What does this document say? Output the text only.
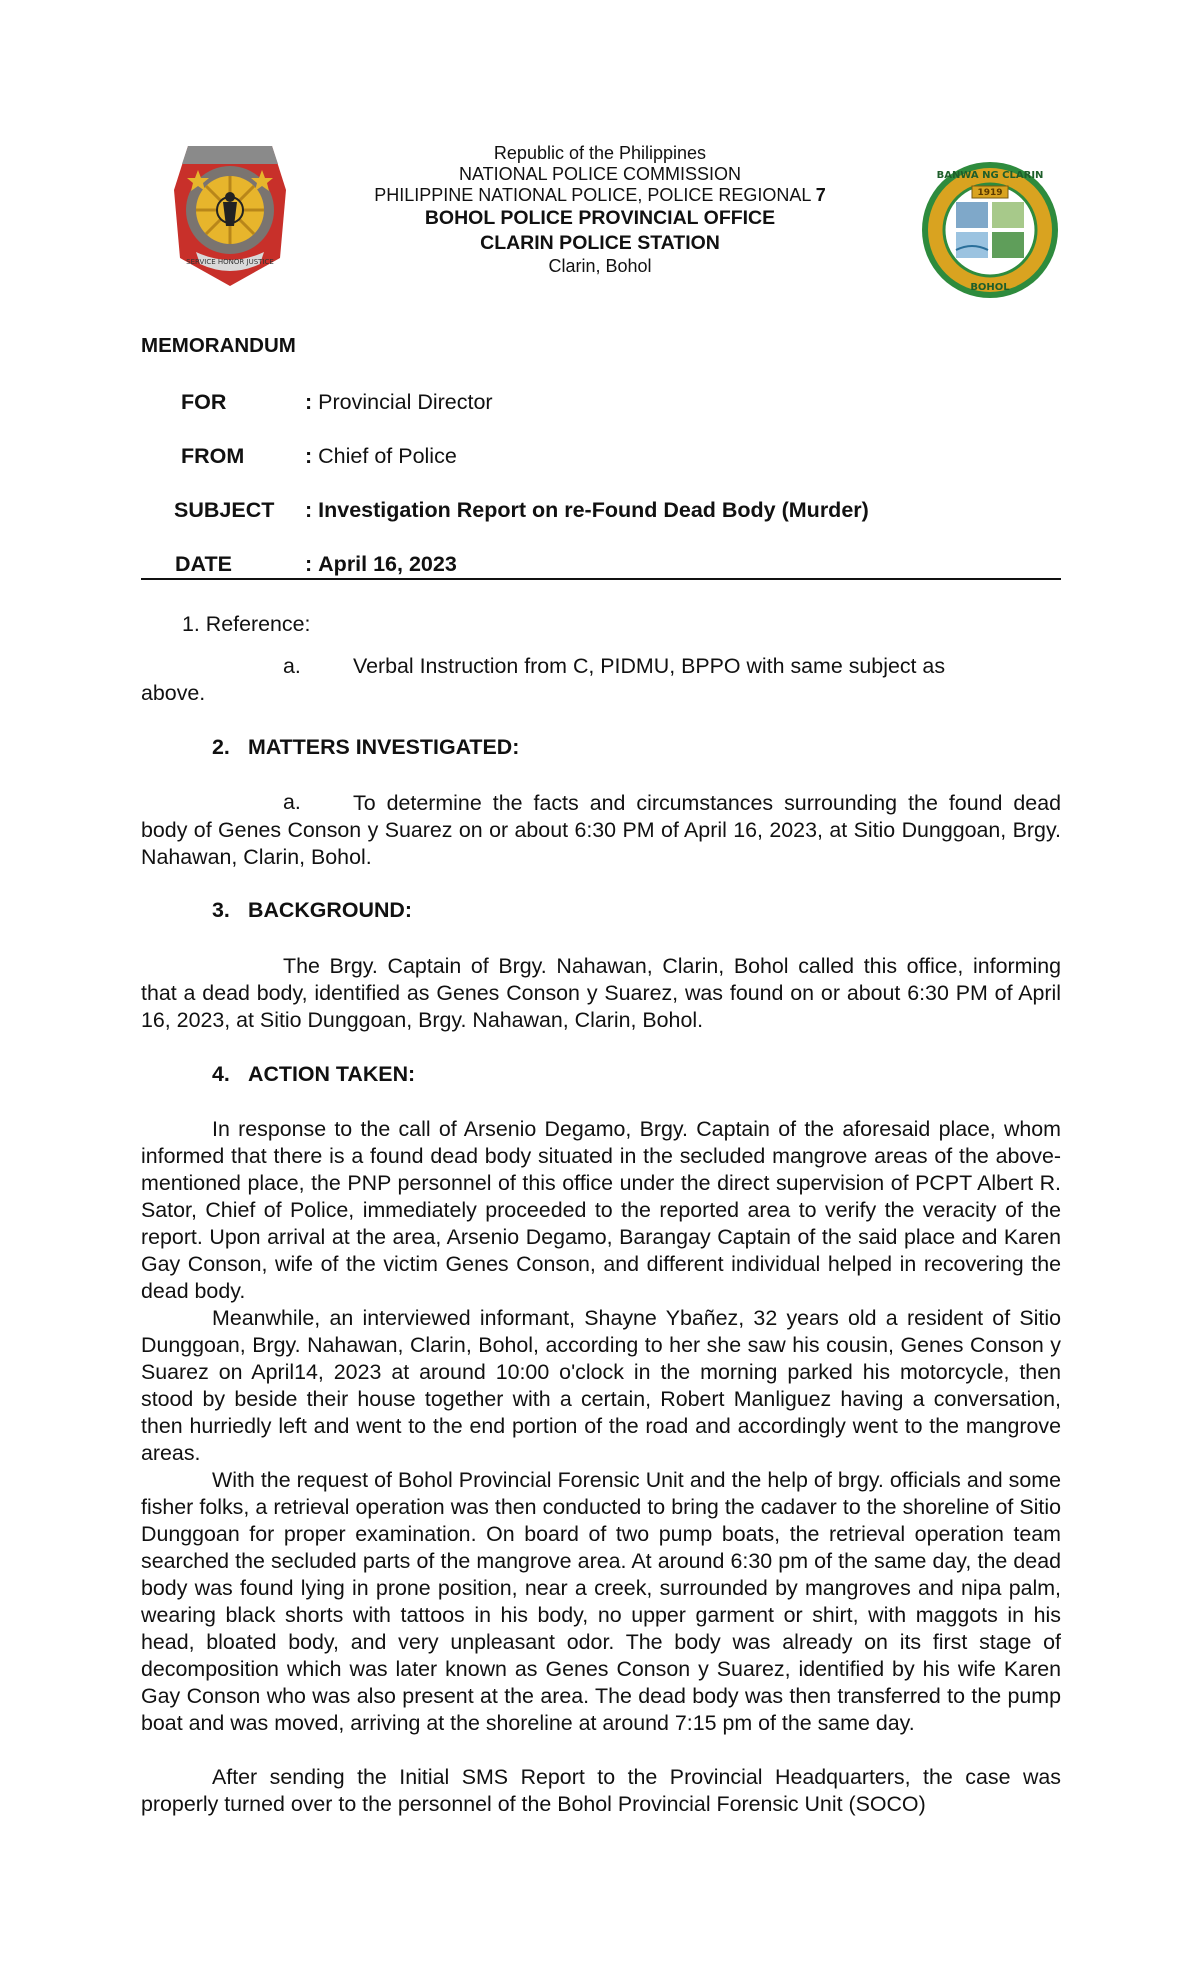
SERVICE HONOR JUSTICE
1919
BANWA NG CLARIN
BOHOL
Republic of the Philippines
NATIONAL POLICE COMMISSION
PHILIPPINE NATIONAL POLICE, POLICE REGIONAL 7
BOHOL POLICE PROVINCIAL OFFICE
CLARIN POLICE STATION
Clarin, Bohol
MEMORANDUM
FOR	: Provincial Director
FROM	: Chief of Police
SUBJECT : Investigation Report on re-Found Dead Body (Murder)
DATE	: April 16, 2023
1. Reference:
a. Verbal Instruction from C, PIDMU, BPPO with same subject as
above.
2. MATTERS INVESTIGATED:
a.	To determine the facts and circumstances surrounding the found dead body of Genes Conson y Suarez on or about 6:30 PM of April 16, 2023, at Sitio Dunggoan, Brgy. Nahawan, Clarin, Bohol.
3. BACKGROUND:
The Brgy. Captain of Brgy. Nahawan, Clarin, Bohol called this office, informing that a dead body, identified as Genes Conson y Suarez, was found on or about 6:30 PM of April 16, 2023, at Sitio Dunggoan, Brgy. Nahawan, Clarin, Bohol.
4. ACTION TAKEN:
In response to the call of Arsenio Degamo, Brgy. Captain of the aforesaid place, whom informed that there is a found dead body situated in the secluded mangrove areas of the above-mentioned place, the PNP personnel of this office under the direct supervision of PCPT Albert R. Sator, Chief of Police, immediately proceeded to the reported area to verify the veracity of the report. Upon arrival at the area, Arsenio Degamo, Barangay Captain of the said place and Karen Gay Conson, wife of the victim Genes Conson, and different individual helped in recovering the dead body.
Meanwhile, an interviewed informant, Shayne Ybañez, 32 years old a resident of Sitio Dunggoan, Brgy. Nahawan, Clarin, Bohol, according to her she saw his cousin, Genes Conson y Suarez on April14, 2023 at around 10:00 o'clock in the morning parked his motorcycle, then stood by beside their house together with a certain, Robert Manliguez having a conversation, then hurriedly left and went to the end portion of the road and accordingly went to the mangrove areas.
With the request of Bohol Provincial Forensic Unit and the help of brgy. officials and some fisher folks, a retrieval operation was then conducted to bring the cadaver to the shoreline of Sitio Dunggoan for proper examination. On board of two pump boats, the retrieval operation team searched the secluded parts of the mangrove area. At around 6:30 pm of the same day, the dead body was found lying in prone position, near a creek, surrounded by mangroves and nipa palm, wearing black shorts with tattoos in his body, no upper garment or shirt, with maggots in his head, bloated body, and very unpleasant odor. The body was already on its first stage of decomposition which was later known as Genes Conson y Suarez, identified by his wife Karen Gay Conson who was also present at the area. The dead body was then transferred to the pump boat and was moved, arriving at the shoreline at around 7:15 pm of the same day.
After sending the Initial SMS Report to the Provincial Headquarters, the case was properly turned over to the personnel of the Bohol Provincial Forensic Unit (SOCO)
